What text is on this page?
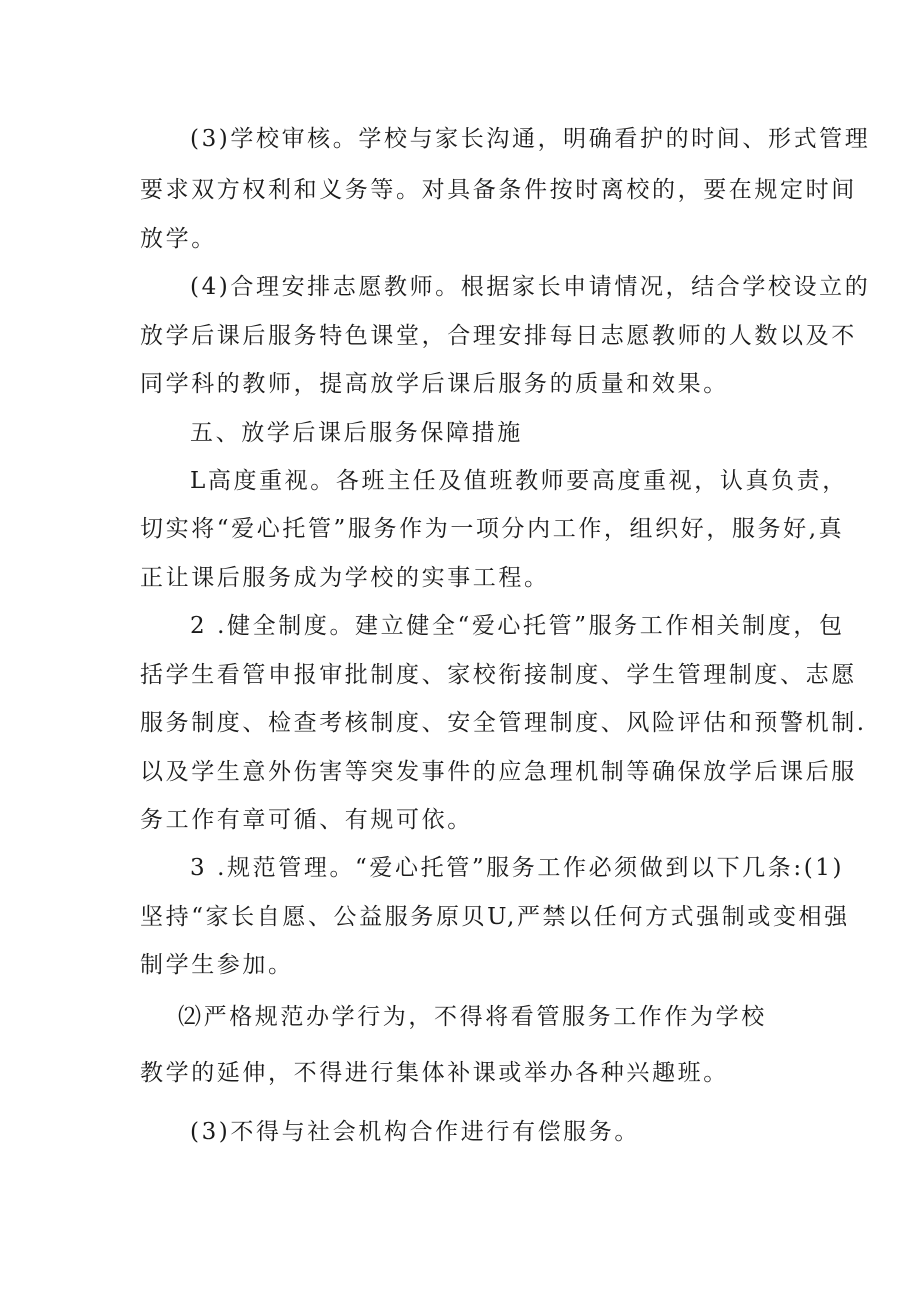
(3)学校审核。学校与家长沟通，明确看护的时间、形式管理
要求双方权利和义务等。对具备条件按时离校的，要在规定时间
放学。
(4)合理安排志愿教师。根据家长申请情况，结合学校设立的
放学后课后服务特色课堂，合理安排每日志愿教师的人数以及不
同学科的教师，提高放学后课后服务的质量和效果。
五、放学后课后服务保障措施
L高度重视。各班主任及值班教师要高度重视，认真负责，
切实将“爱心托管”服务作为一项分内工作，组织好，服务好,真
正让课后服务成为学校的实事工程。
2 .健全制度。建立健全“爱心托管”服务工作相关制度，包
括学生看管申报审批制度、家校衔接制度、学生管理制度、志愿
服务制度、检查考核制度、安全管理制度、风险评估和预警机制.
以及学生意外伤害等突发事件的应急理机制等确保放学后课后服
务工作有章可循、有规可依。
3 .规范管理。“爱心托管”服务工作必须做到以下几条:(1)
坚持“家长自愿、公益服务原贝U,严禁以任何方式强制或变相强
制学生参加。
⑵严格规范办学行为，不得将看管服务工作作为学校
教学的延伸，不得进行集体补课或举办各种兴趣班。
(3)不得与社会机构合作进行有偿服务。
